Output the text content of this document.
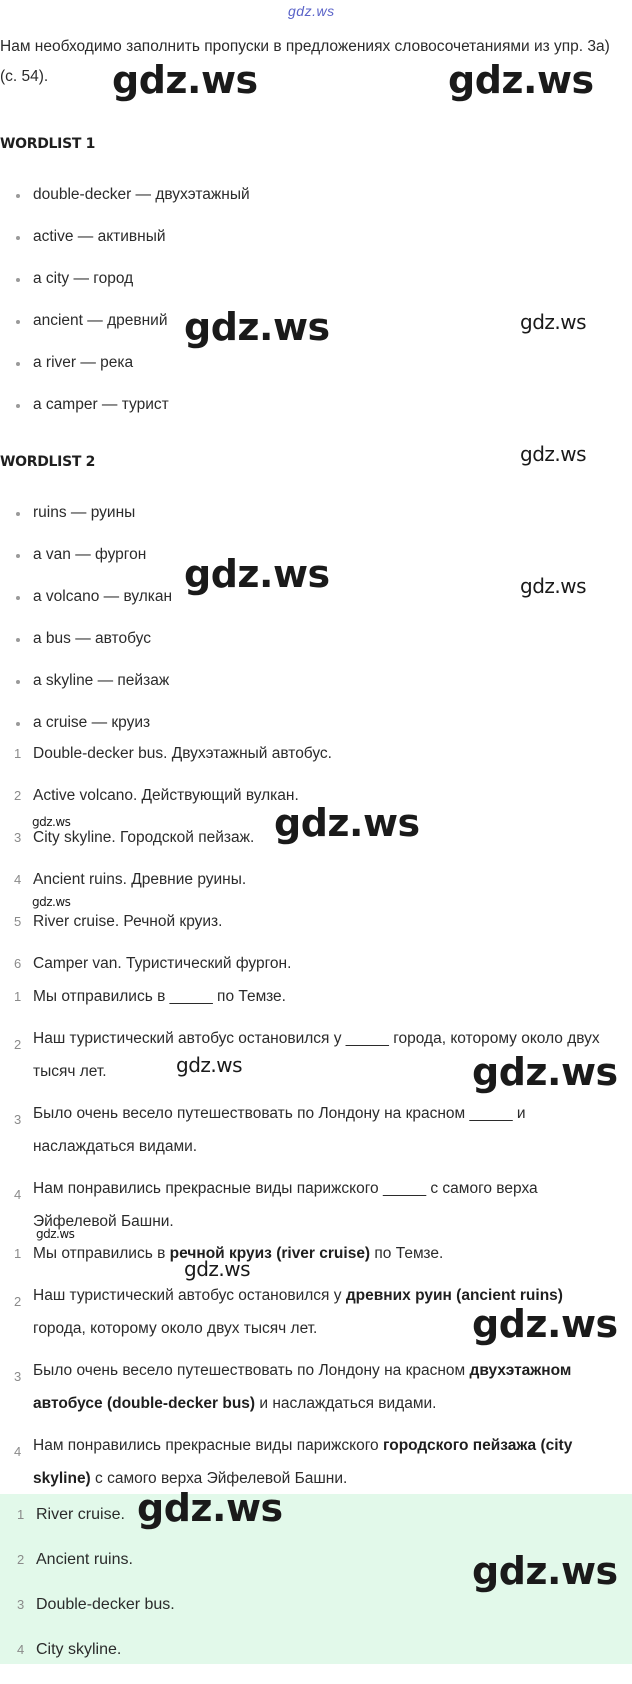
gdz.ws
Нам необходимо заполнить пропуски в предложениях словосочетаниями из упр. 3а) (с. 54).
WORDLIST 1
double-decker — двухэтажный
active — активный
a city — город
ancient — древний
a river — река
a camper — турист
WORDLIST 2
ruins — руины
a van — фургон
a volcano — вулкан
a bus — автобус
a skyline — пейзаж
a cruise — круиз
1 Double-decker bus. Двухэтажный автобус.
2 Active volcano. Действующий вулкан.
3 City skyline. Городской пейзаж.
4 Ancient ruins. Древние руины.
5 River cruise. Речной круиз.
6 Camper van. Туристический фургон.
1 Мы отправились в _____ по Темзе.
2 Наш туристический автобус остановился у _____ города, которому около двух тысяч лет.
3 Было очень весело путешествовать по Лондону на красном _____ и наслаждаться видами.
4 Нам понравились прекрасные виды парижского _____ с самого верха Эйфелевой Башни.
1 Мы отправились в речной круиз (river cruise) по Темзе.
2 Наш туристический автобус остановился у древних руин (ancient ruins) города, которому около двух тысяч лет.
3 Было очень весело путешествовать по Лондону на красном двухэтажном автобусе (double-decker bus) и наслаждаться видами.
4 Нам понравились прекрасные виды парижского городского пейзажа (city skyline) с самого верха Эйфелевой Башни.
1 River cruise.
2 Ancient ruins.
3 Double-decker bus.
4 City skyline.
gdz.ws	gdz.ws
gdz.ws	gdz.ws
gdz.ws
gdz.ws	gdz.ws
gdz.ws	gdz.ws
gdz.ws
gdz.ws	gdz.ws
gdz.ws
gdz.ws
gdz.ws
gdz.ws
gdz.ws
